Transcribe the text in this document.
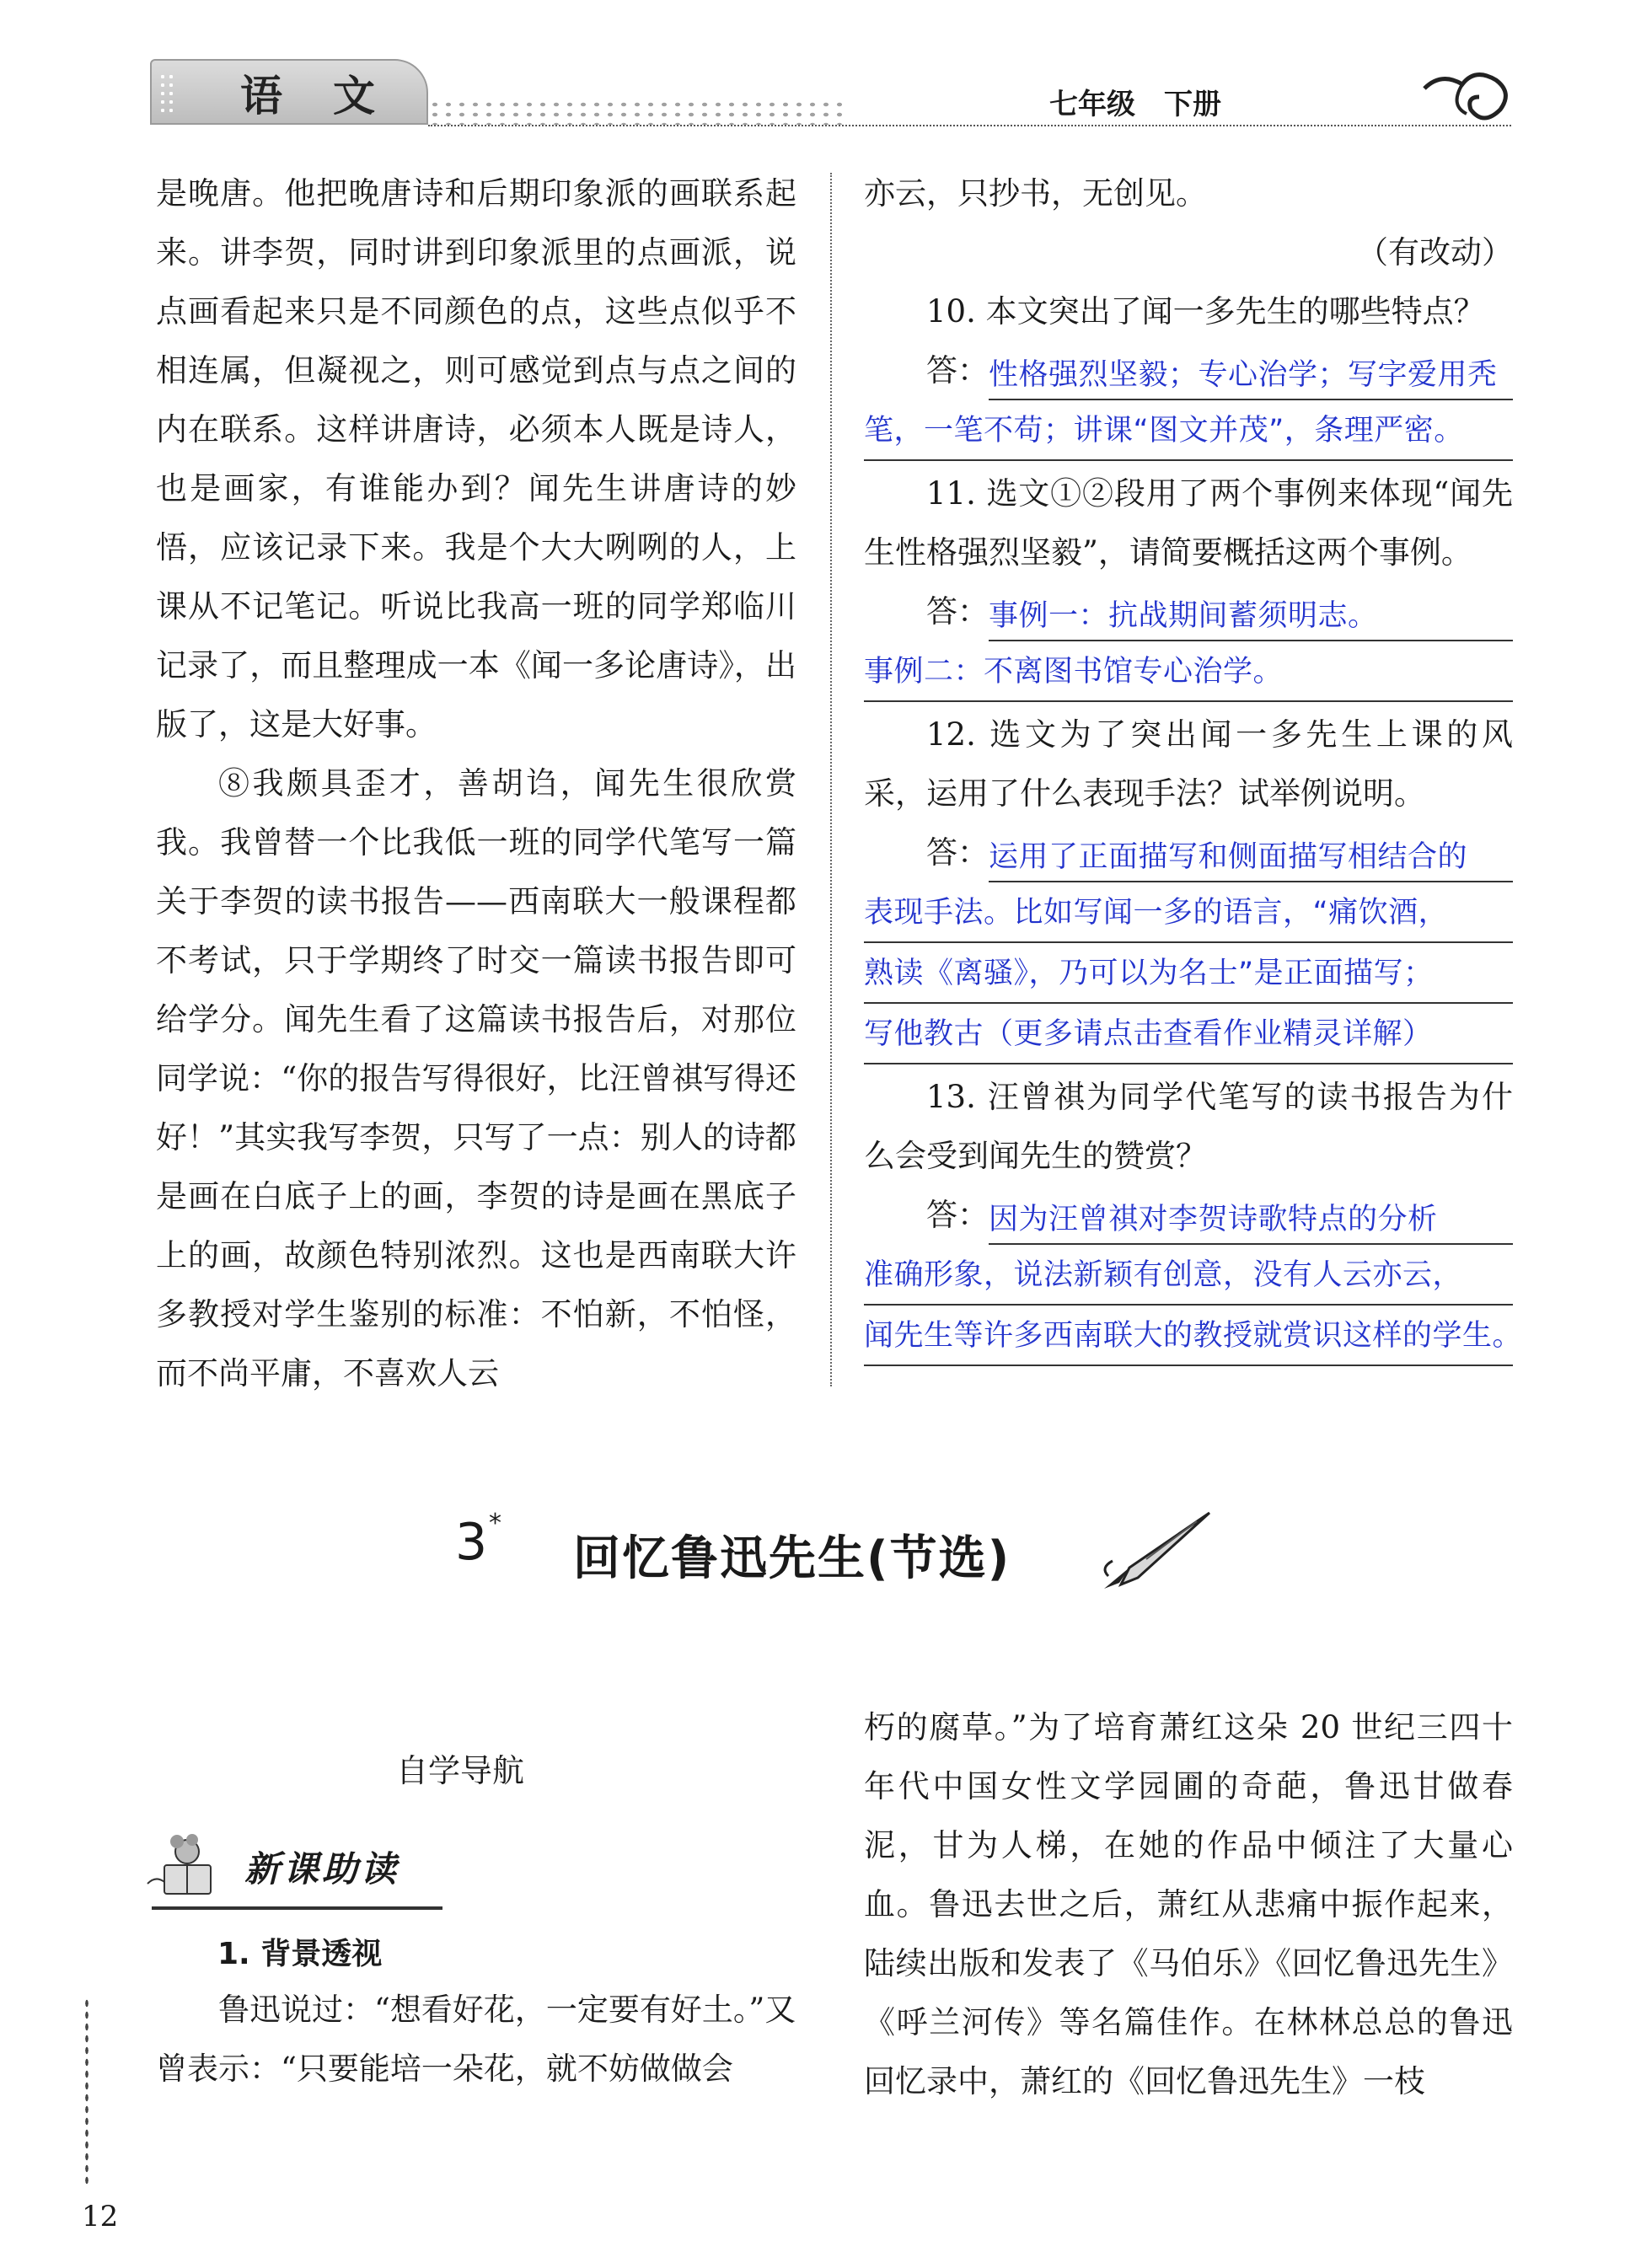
语文	七年级　下册

是晚唐。他把晚唐诗和后期印象派的画联系起来。讲李贺，同时讲到印象派里的点画派，说点画看起来只是不同颜色的点，这些点似乎不相连属，但凝视之，则可感觉到点与点之间的内在联系。这样讲唐诗，必须本人既是诗人，也是画家，有谁能办到？闻先生讲唐诗的妙悟，应该记录下来。我是个大大咧咧的人，上课从不记笔记。听说比我高一班的同学郑临川记录了，而且整理成一本《闻一多论唐诗》，出版了，这是大好事。

⑧我颇具歪才，善胡诌，闻先生很欣赏我。我曾替一个比我低一班的同学代笔写一篇关于李贺的读书报告——西南联大一般课程都不考试，只于学期终了时交一篇读书报告即可给学分。闻先生看了这篇读书报告后，对那位同学说：“你的报告写得很好，比汪曾祺写得还好！”其实我写李贺，只写了一点：别人的诗都是画在白底子上的画，李贺的诗是画在黑底子上的画，故颜色特别浓烈。这也是西南联大许多教授对学生鉴别的标准：不怕新，不怕怪，而不尚平庸，不喜欢人云

亦云，只抄书，无创见。

（有改动）

10. 本文突出了闻一多先生的哪些特点？

答： 性格强烈坚毅；专心治学；写字爱用秃
笔，一笔不苟；讲课“图文并茂”，条理严密。

11. 选文①②段用了两个事例来体现“闻先生性格强烈坚毅”，请简要概括这两个事例。

答： 事例一：抗战期间蓄须明志。
事例二：不离图书馆专心治学。

12. 选文为了突出闻一多先生上课的风采，运用了什么表现手法？试举例说明。

答： 运用了正面描写和侧面描写相结合的
表现手法。比如写闻一多的语言，“痛饮酒，
熟读《离骚》，乃可以为名士”是正面描写；
写他教古（更多请点击查看作业精灵详解）

13. 汪曾祺为同学代笔写的读书报告为什么会受到闻先生的赞赏？

答： 因为汪曾祺对李贺诗歌特点的分析
准确形象，说法新颖有创意，没有人云亦云，
闻先生等许多西南联大的教授就赏识这样的学生。
3 *
回忆鲁迅先生(节选)
自学导航
新课助读
1. 背景透视

鲁迅说过：“想看好花，一定要有好土。”又曾表示：“只要能培一朵花，就不妨做做会

12

朽的腐草。”为了培育萧红这朵 20 世纪三四十年代中国女性文学园圃的奇葩，鲁迅甘做春泥，甘为人梯，在她的作品中倾注了大量心血。鲁迅去世之后，萧红从悲痛中振作起来，陆续出版和发表了《马伯乐》《回忆鲁迅先生》《呼兰河传》等名篇佳作。在林林总总的鲁迅回忆录中，萧红的《回忆鲁迅先生》一枝
